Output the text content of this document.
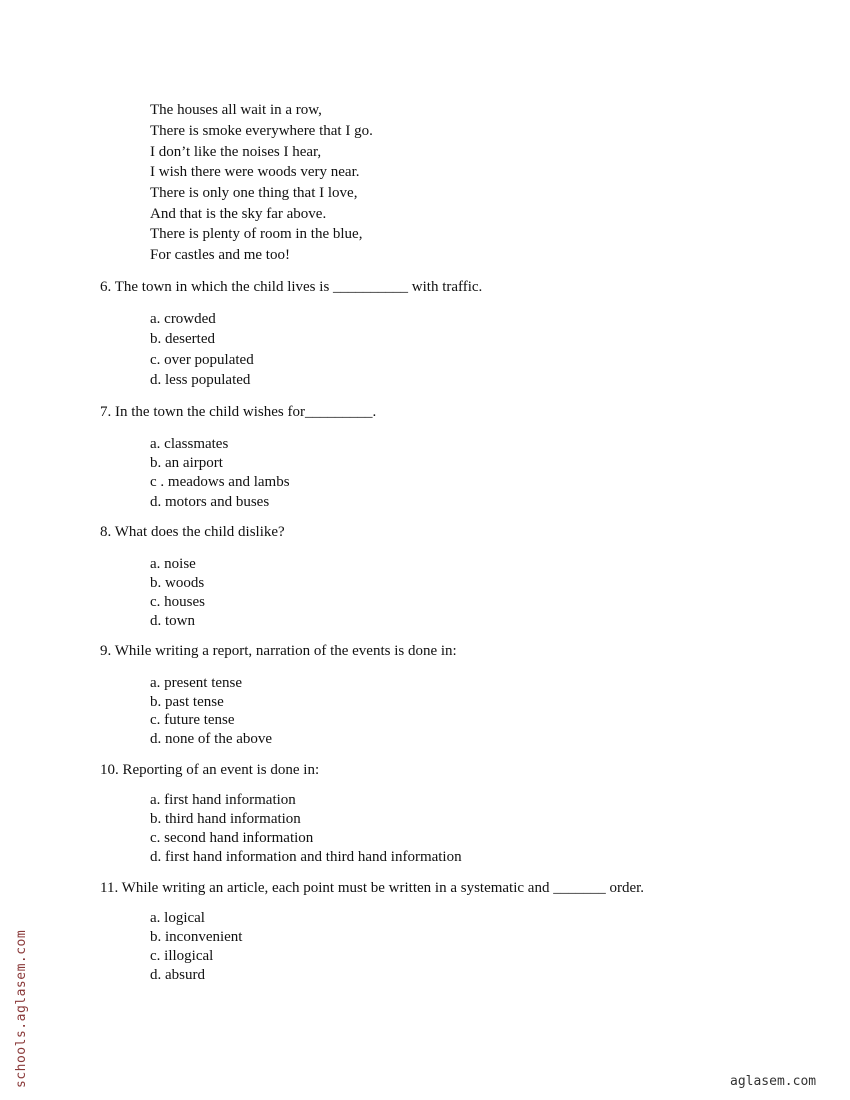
The houses all wait in a row,
There is smoke everywhere that I go.
I don’t like the noises I hear,
I wish there were woods very near.
There is only one thing that I love,
And that is the sky far above.
There is plenty of room in the blue,
For castles and me too!
6. The town in which the child lives is __________ with traffic.
a. crowded
b. deserted
c. over populated
d. less populated
7. In the town the child wishes for_________.
a. classmates
b. an airport
c . meadows and lambs
d. motors and buses
8. What does the child dislike?
a. noise
b. woods
c. houses
d. town
9. While writing a report, narration of the events is done in:
a. present tense
b. past tense
c. future tense
d. none of the above
10. Reporting of an event is done in:
a. first hand information
b. third hand information
c. second hand information
d. first hand information and third hand information
11. While writing an article, each point must be written in a systematic and _______ order.
a. logical
b. inconvenient
c. illogical
d. absurd
schools.aglasem.com	aglasem.com
